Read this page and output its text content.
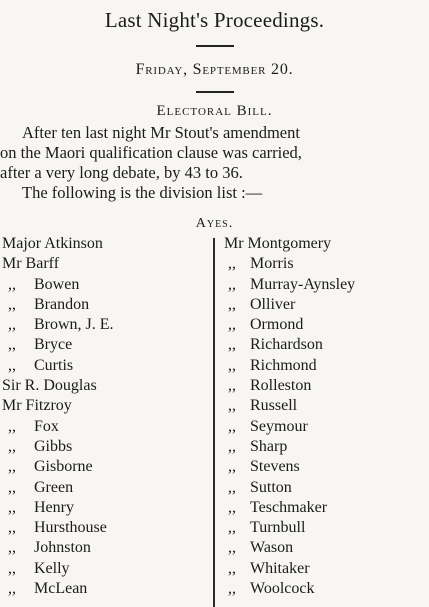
Last Night's Proceedings.
Friday, September 20.
Electoral Bill.
After ten last night Mr Stout's amendment
on the Maori qualification clause was carried,
after a very long debate, by 43 to 36.
The following is the division list :—
Ayes.
Major Atkinson
Mr Barff
,, Bowen
,, Brandon
,, Brown, J. E.
,, Bryce
,, Curtis
Sir R. Douglas
Mr Fitzroy
,, Fox
,, Gibbs
,, Gisborne
,, Green
,, Henry
,, Hursthouse
,, Johnston
,, Kelly
,, McLean
Mr Montgomery
,, Morris
,, Murray-Aynsley
,, Olliver
,, Ormond
,, Richardson
,, Richmond
,, Rolleston
,, Russell
,, Seymour
,, Sharp
,, Stevens
,, Sutton
,, Teschmaker
,, Turnbull
,, Wason
,, Whitaker
,, Woolcock
